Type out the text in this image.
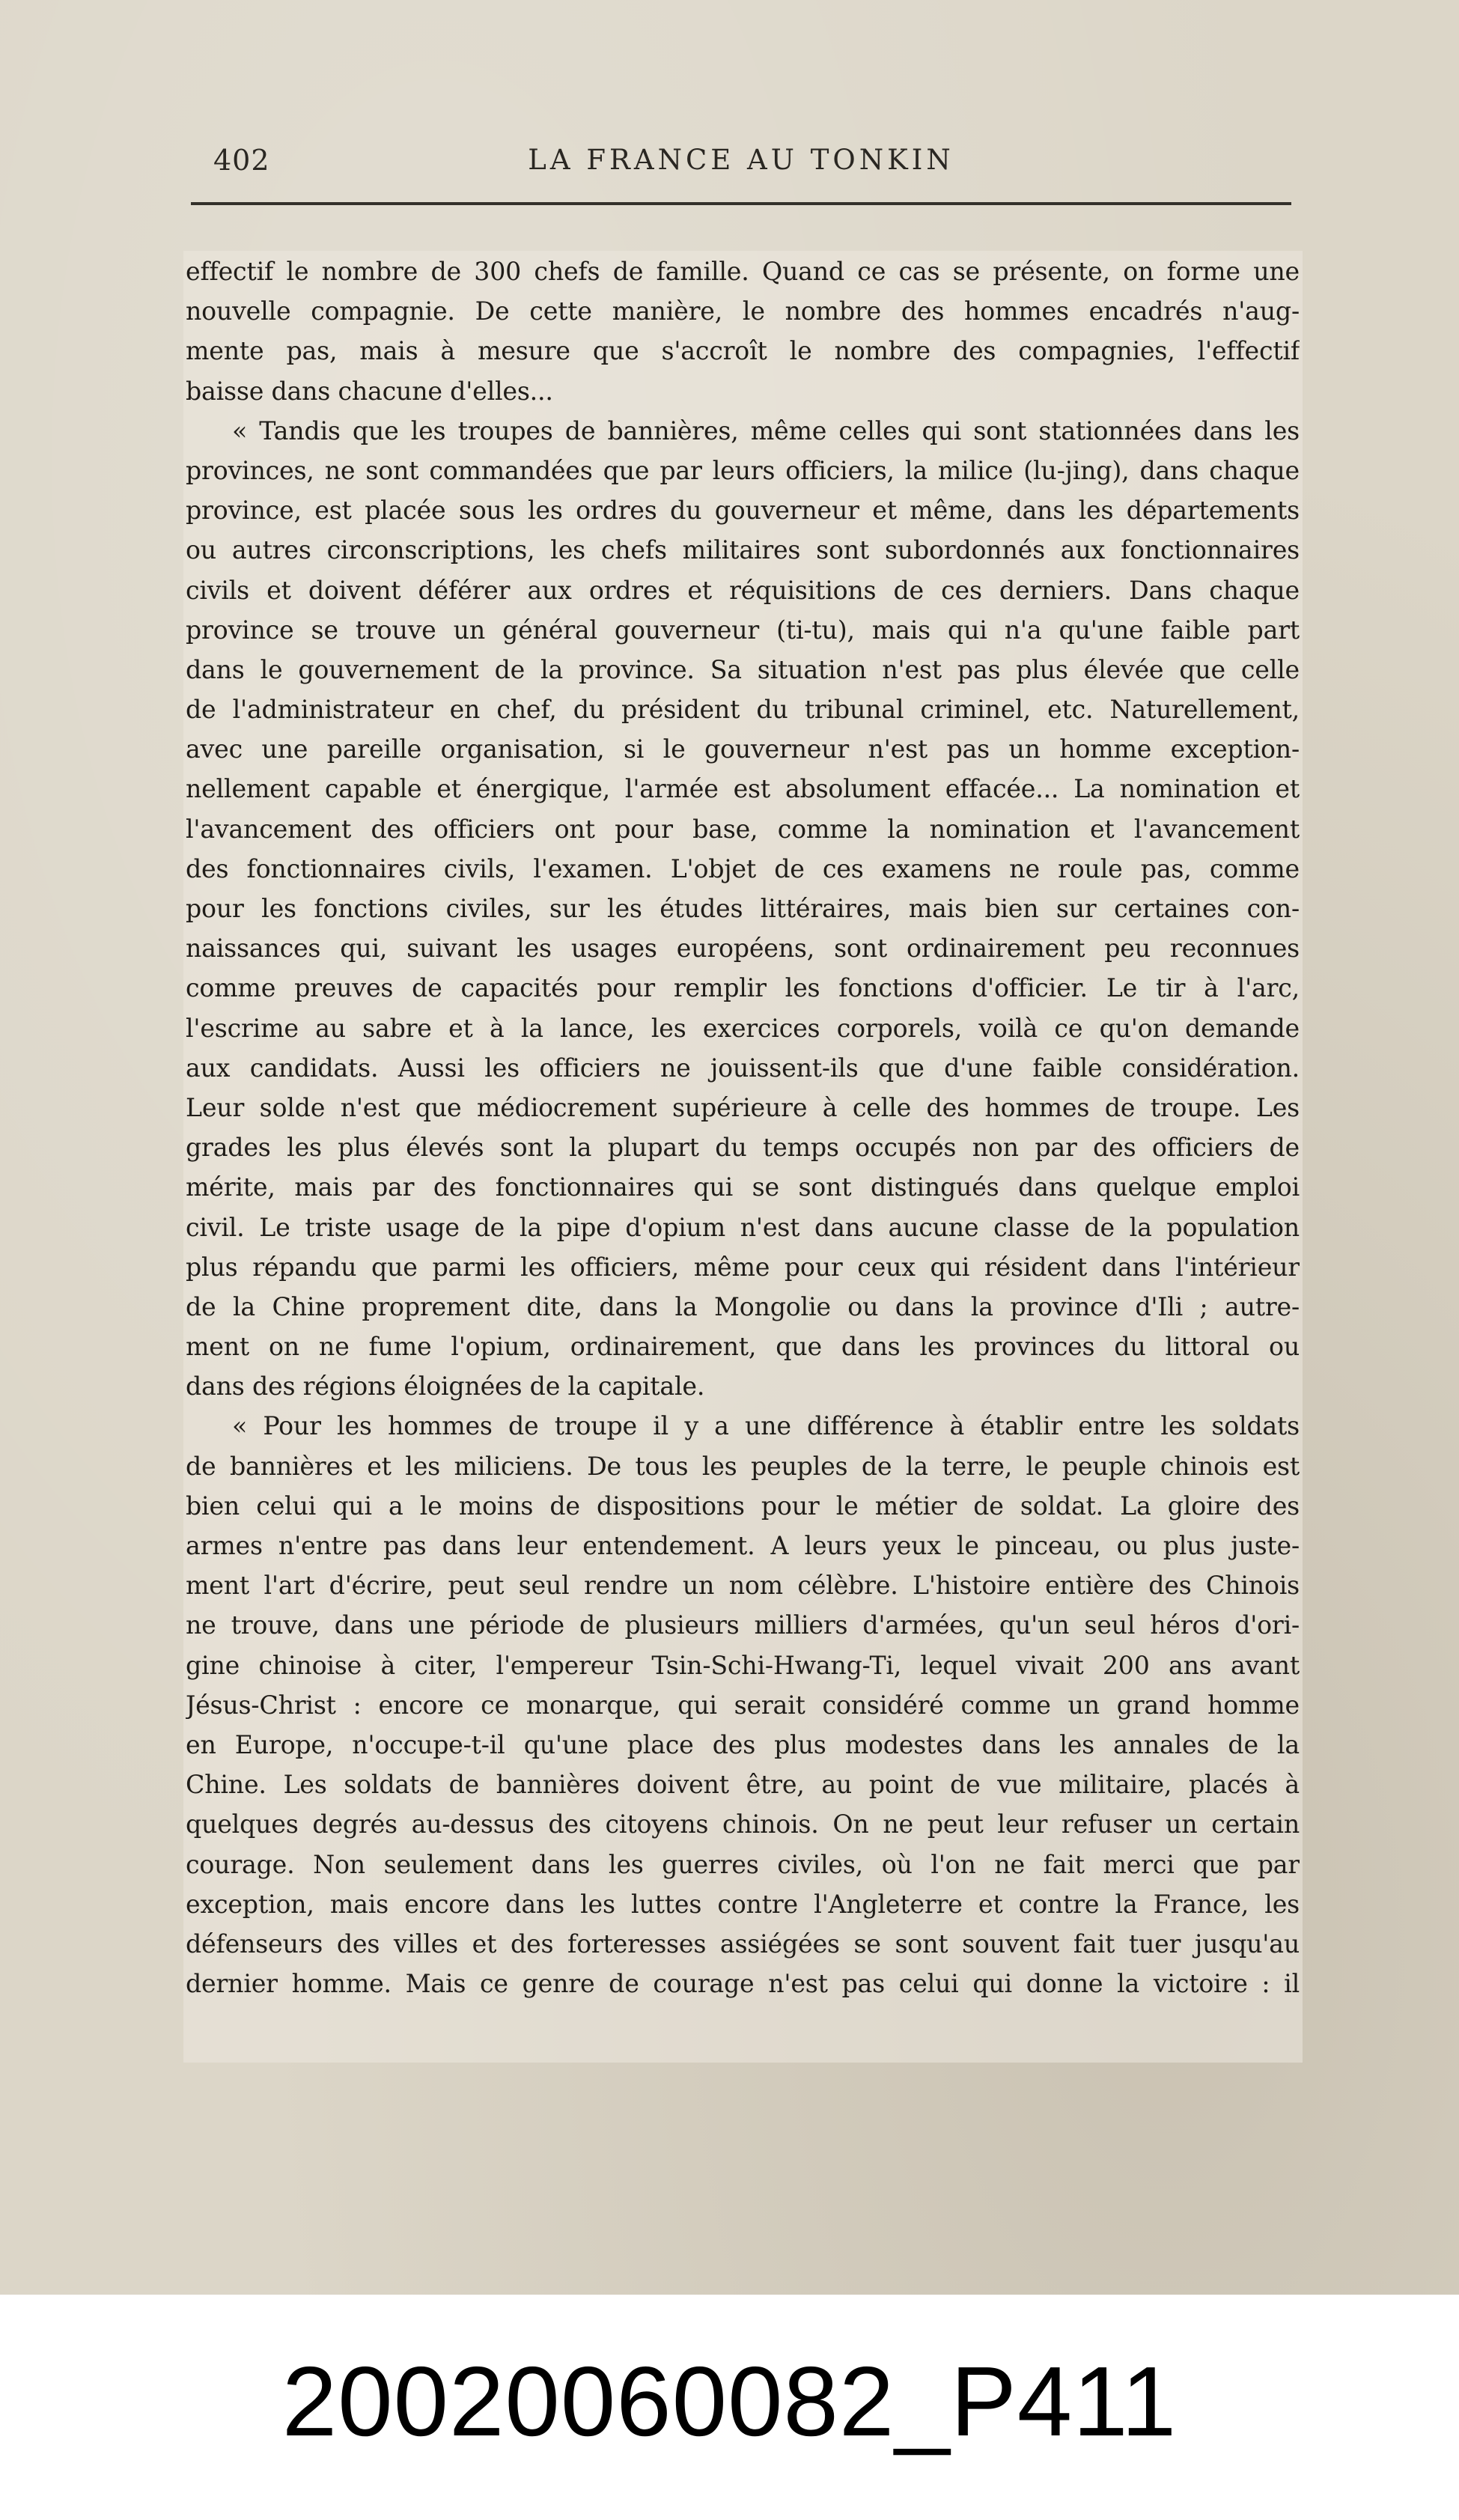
402	LA FRANCE AU TONKIN
effectif le nombre de 300 chefs de famille. Quand ce cas se présente, on forme une
nouvelle compagnie. De cette manière, le nombre des hommes encadrés n'aug-
mente pas, mais à mesure que s'accroît le nombre des compagnies, l'effectif
baisse dans chacune d'elles...
« Tandis que les troupes de bannières, même celles qui sont stationnées dans les
provinces, ne sont commandées que par leurs officiers, la milice (lu-jing), dans chaque
province, est placée sous les ordres du gouverneur et même, dans les départements
ou autres circonscriptions, les chefs militaires sont subordonnés aux fonctionnaires
civils et doivent déférer aux ordres et réquisitions de ces derniers. Dans chaque
province se trouve un général gouverneur (ti-tu), mais qui n'a qu'une faible part
dans le gouvernement de la province. Sa situation n'est pas plus élevée que celle
de l'administrateur en chef, du président du tribunal criminel, etc. Naturellement,
avec une pareille organisation, si le gouverneur n'est pas un homme exception-
nellement capable et énergique, l'armée est absolument effacée... La nomination et
l'avancement des officiers ont pour base, comme la nomination et l'avancement
des fonctionnaires civils, l'examen. L'objet de ces examens ne roule pas, comme
pour les fonctions civiles, sur les études littéraires, mais bien sur certaines con-
naissances qui, suivant les usages européens, sont ordinairement peu reconnues
comme preuves de capacités pour remplir les fonctions d'officier. Le tir à l'arc,
l'escrime au sabre et à la lance, les exercices corporels, voilà ce qu'on demande
aux candidats. Aussi les officiers ne jouissent-ils que d'une faible considération.
Leur solde n'est que médiocrement supérieure à celle des hommes de troupe. Les
grades les plus élevés sont la plupart du temps occupés non par des officiers de
mérite, mais par des fonctionnaires qui se sont distingués dans quelque emploi
civil. Le triste usage de la pipe d'opium n'est dans aucune classe de la population
plus répandu que parmi les officiers, même pour ceux qui résident dans l'intérieur
de la Chine proprement dite, dans la Mongolie ou dans la province d'Ili ; autre-
ment on ne fume l'opium, ordinairement, que dans les provinces du littoral ou
dans des régions éloignées de la capitale.
« Pour les hommes de troupe il y a une différence à établir entre les soldats
de bannières et les miliciens. De tous les peuples de la terre, le peuple chinois est
bien celui qui a le moins de dispositions pour le métier de soldat. La gloire des
armes n'entre pas dans leur entendement. A leurs yeux le pinceau, ou plus juste-
ment l'art d'écrire, peut seul rendre un nom célèbre. L'histoire entière des Chinois
ne trouve, dans une période de plusieurs milliers d'armées, qu'un seul héros d'ori-
gine chinoise à citer, l'empereur Tsin-Schi-Hwang-Ti, lequel vivait 200 ans avant
Jésus-Christ : encore ce monarque, qui serait considéré comme un grand homme
en Europe, n'occupe-t-il qu'une place des plus modestes dans les annales de la
Chine. Les soldats de bannières doivent être, au point de vue militaire, placés à
quelques degrés au-dessus des citoyens chinois. On ne peut leur refuser un certain
courage. Non seulement dans les guerres civiles, où l'on ne fait merci que par
exception, mais encore dans les luttes contre l'Angleterre et contre la France, les
défenseurs des villes et des forteresses assiégées se sont souvent fait tuer jusqu'au
dernier homme. Mais ce genre de courage n'est pas celui qui donne la victoire : il
20020060082_P411
